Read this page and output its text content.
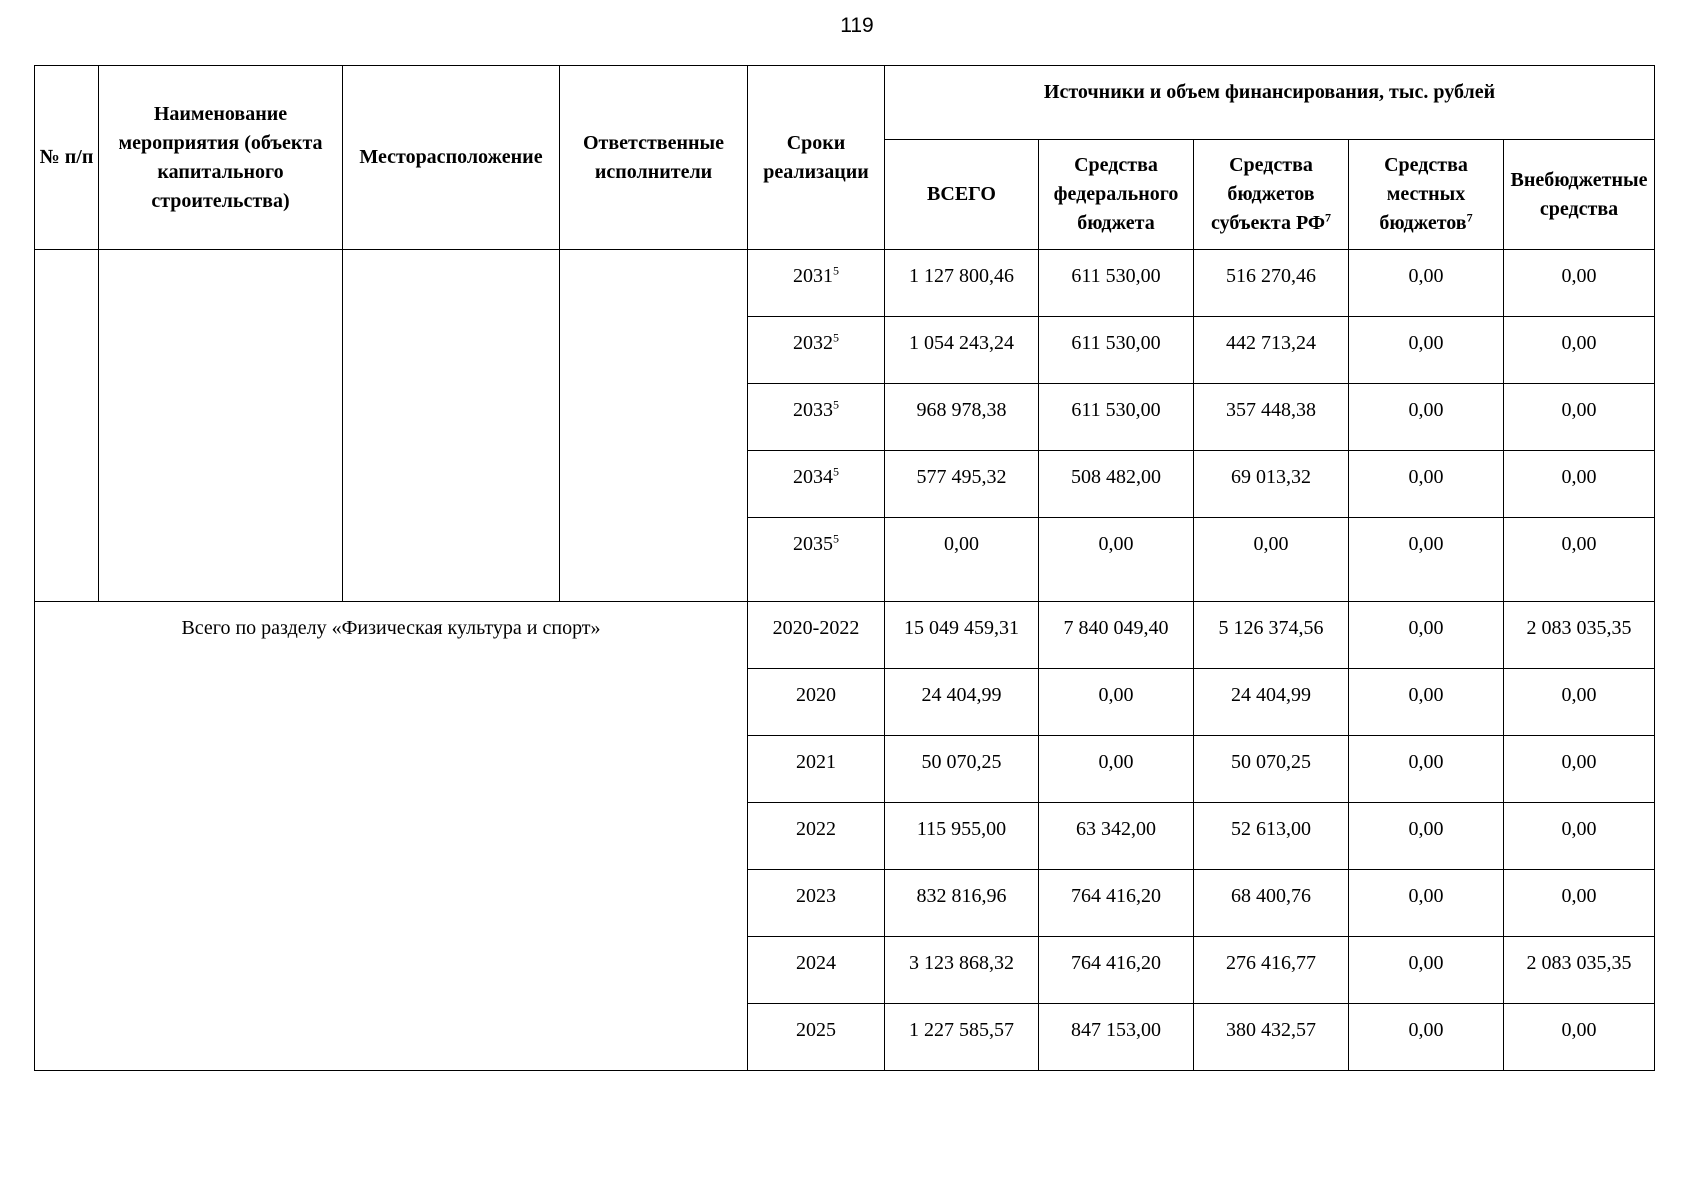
119
№ п/п	Наименование мероприятия (объекта капитального строительства)	Месторасположение	Ответственные исполнители	Сроки реализации	Источники и объем финансирования, тыс. рублей				
					ВСЕГО	Средства федерального бюджета	Средства бюджетов субъекта $РФ^7$	Средства местных бюджетов$^7$	Внебюджетные средства
				2031$^5$	1 127 800,46	611 530,00	516 270,46	0,00	0,00
				2032$^5$	1 054 243,24	611 530,00	442 713,24	0,00	0,00
				2033$^5$	968 978,38	611 530,00	357 448,38	0,00	0,00
				2034$^5$	577 495,32	508 482,00	69 013,32	0,00	0,00
				2035$^5$	0,00	0,00	0,00	0,00	0,00
Всего по разделу «Физическая культура и спорт»				2020-2022	15 049 459,31	7 840 049,40	5 126 374,56	0,00	2 083 035,35
				2020	24 404,99	0,00	24 404,99	0,00	0,00
				2021	50 070,25	0,00	50 070,25	0,00	0,00
				2022	115 955,00	63 342,00	52 613,00	0,00	0,00
				2023	832 816,96	764 416,20	68 400,76	0,00	0,00
				2024	3 123 868,32	764 416,20	276 416,77	0,00	2 083 035,35
				2025	1 227 585,57	847 153,00	380 432,57	0,00	0,00
